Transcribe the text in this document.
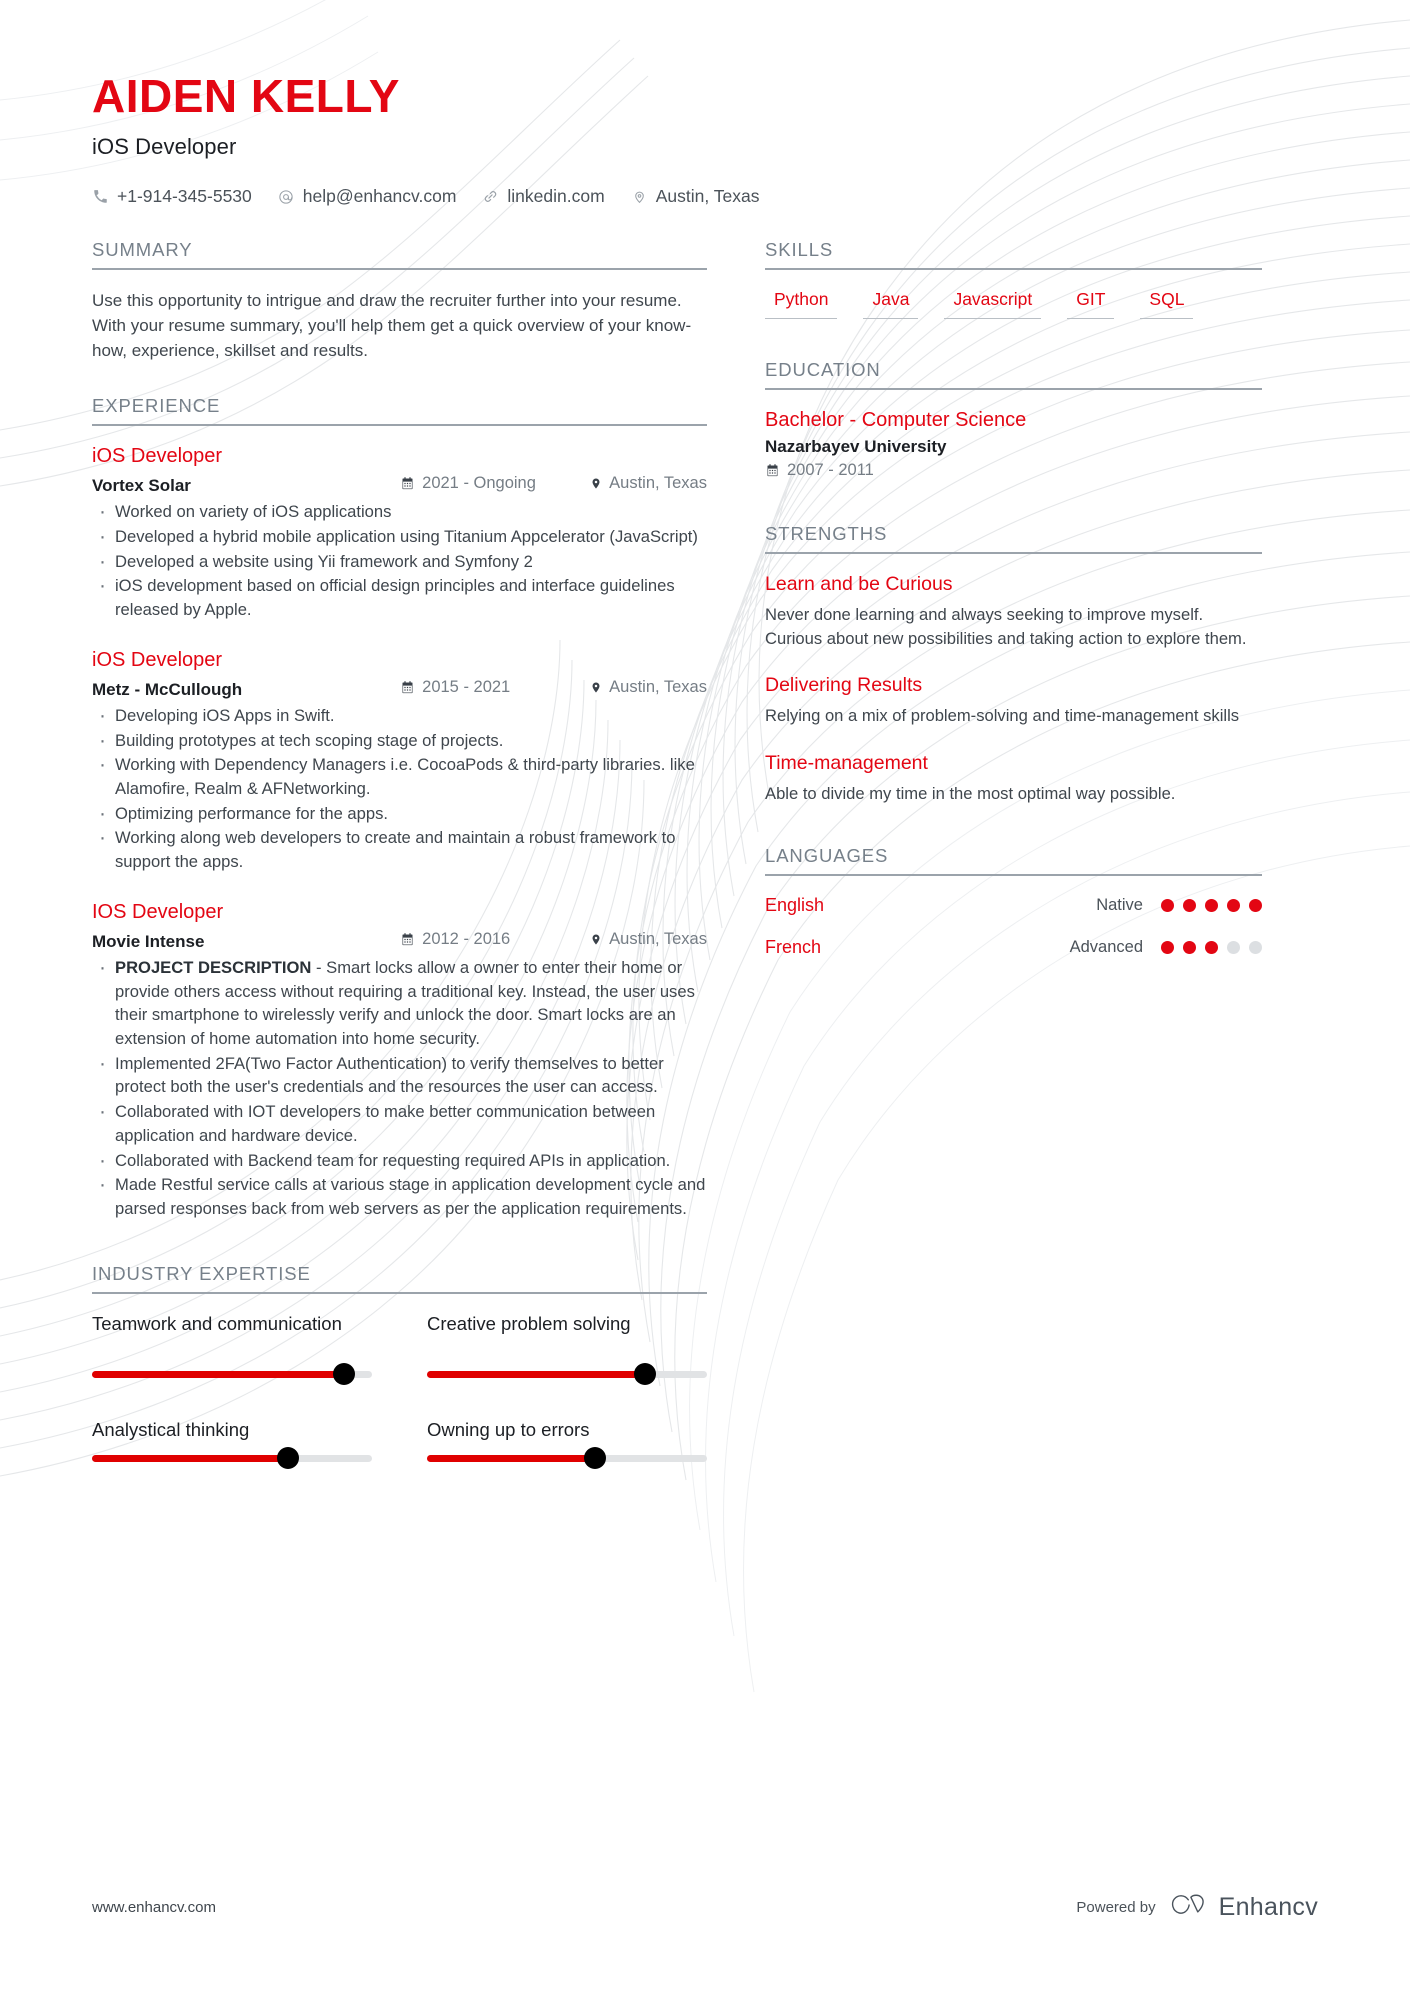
AIDEN KELLY
iOS Developer
+1-914-345-5530	help@enhancv.com	linkedin.com	Austin, Texas
SUMMARY
Use this opportunity to intrigue and draw the recruiter further into your resume. With your resume summary, you'll help them get a quick overview of your know-how, experience, skillset and results.
EXPERIENCE
iOS Developer
Vortex Solar	2021 - Ongoing	Austin, Texas
· Worked on variety of iOS applications
· Developed a hybrid mobile application using Titanium Appcelerator (JavaScript)
· Developed a website using Yii framework and Symfony 2
· iOS development based on official design principles and interface guidelines released by Apple.
iOS Developer
Metz - McCullough	2015 - 2021	Austin, Texas
· Developing iOS Apps in Swift.
· Building prototypes at tech scoping stage of projects.
· Working with Dependency Managers i.e. CocoaPods & third-party libraries. like Alamofire, Realm & AFNetworking.
· Optimizing performance for the apps.
· Working along web developers to create and maintain a robust framework to support the apps.
IOS Developer
Movie Intense	2012 - 2016	Austin, Texas
· PROJECT DESCRIPTION - Smart locks allow a owner to enter their home or provide others access without requiring a traditional key. Instead, the user uses their smartphone to wirelessly verify and unlock the door. Smart locks are an extension of home automation into home security.
· Implemented 2FA(Two Factor Authentication) to verify themselves to better protect both the user's credentials and the resources the user can access.
· Collaborated with IOT developers to make better communication between application and hardware device.
· Collaborated with Backend team for requesting required APIs in application.
· Made Restful service calls at various stage in application development cycle and parsed responses back from web servers as per the application requirements.
INDUSTRY EXPERTISE
Teamwork and communication	Creative problem solving
Analystical thinking	Owning up to errors
SKILLS
Python	Java	Javascript	GIT	SQL
EDUCATION
Bachelor - Computer Science
Nazarbayev University
2007 - 2011
STRENGTHS
Learn and be Curious
Never done learning and always seeking to improve myself. Curious about new possibilities and taking action to explore them.
Delivering Results
Relying on a mix of problem-solving and time-management skills
Time-management
Able to divide my time in the most optimal way possible.
LANGUAGES
English	Native
French	Advanced
www.enhancv.com	Powered by	Enhancv
